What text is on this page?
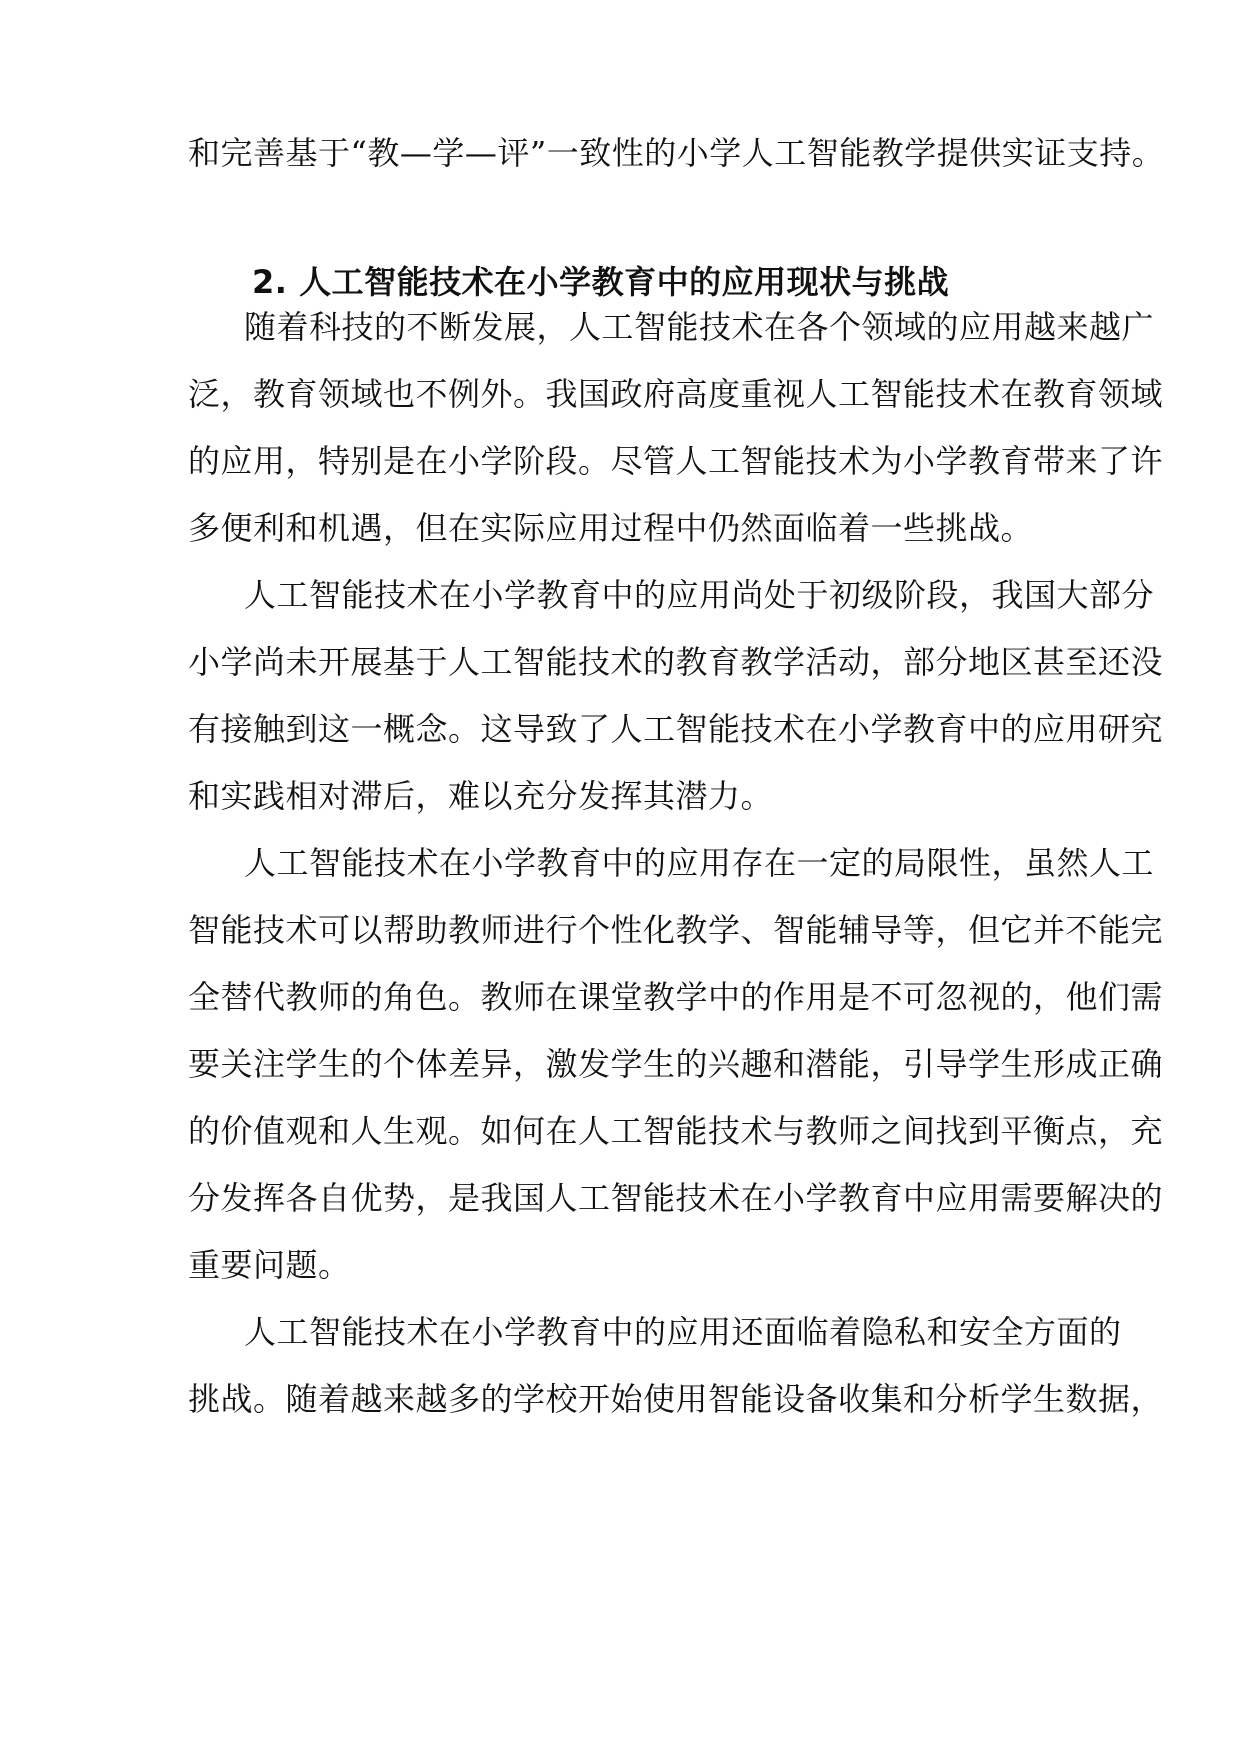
和完善基于“教—学—评”一致性的小学人工智能教学提供实证支持。
2. 人工智能技术在小学教育中的应用现状与挑战
随着科技的不断发展，人工智能技术在各个领域的应用越来越广
泛，教育领域也不例外。我国政府高度重视人工智能技术在教育领域
的应用，特别是在小学阶段。尽管人工智能技术为小学教育带来了许
多便利和机遇，但在实际应用过程中仍然面临着一些挑战。
人工智能技术在小学教育中的应用尚处于初级阶段，我国大部分
小学尚未开展基于人工智能技术的教育教学活动，部分地区甚至还没
有接触到这一概念。这导致了人工智能技术在小学教育中的应用研究
和实践相对滞后，难以充分发挥其潜力。
人工智能技术在小学教育中的应用存在一定的局限性，虽然人工
智能技术可以帮助教师进行个性化教学、智能辅导等，但它并不能完
全替代教师的角色。教师在课堂教学中的作用是不可忽视的，他们需
要关注学生的个体差异，激发学生的兴趣和潜能，引导学生形成正确
的价值观和人生观。如何在人工智能技术与教师之间找到平衡点，充
分发挥各自优势，是我国人工智能技术在小学教育中应用需要解决的
重要问题。
人工智能技术在小学教育中的应用还面临着隐私和安全方面的
挑战。随着越来越多的学校开始使用智能设备收集和分析学生数据，
